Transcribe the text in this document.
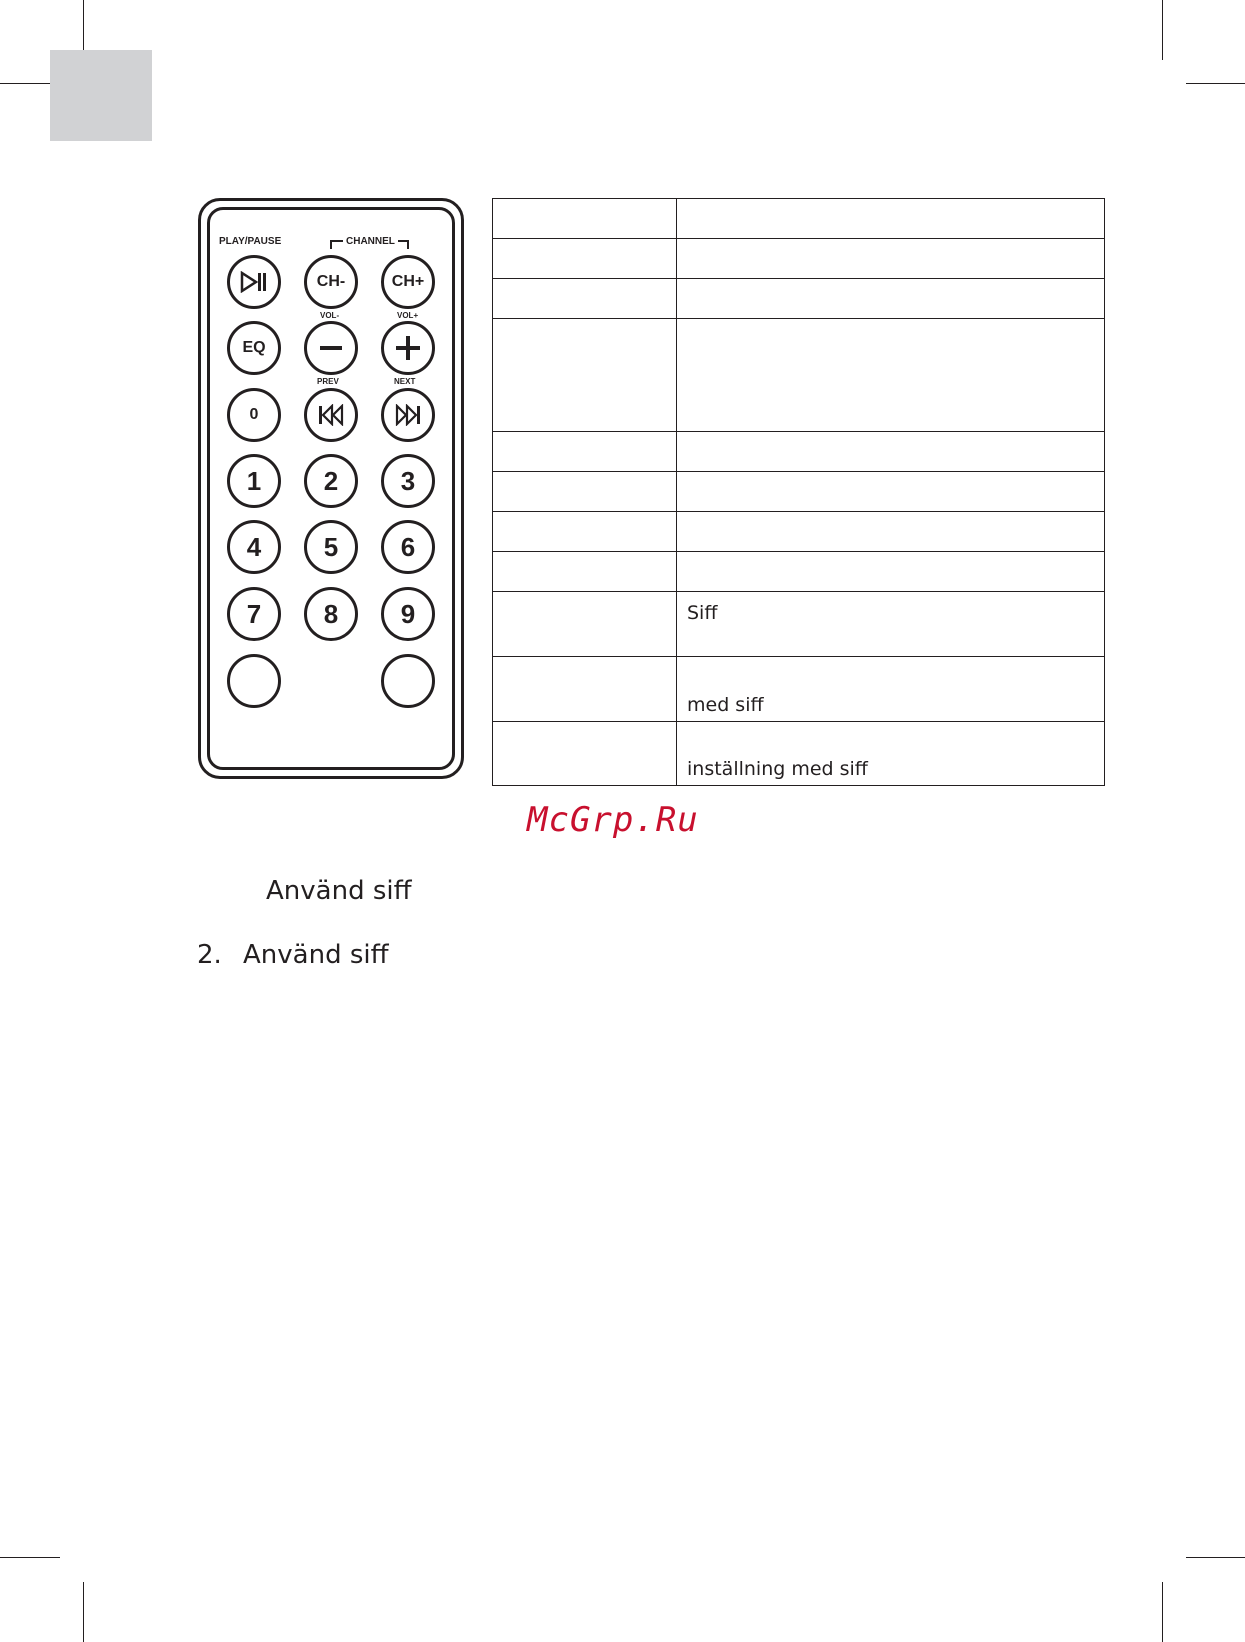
PLAY/PAUSE	CHANNEL
CH-	CH+
VOL-	VOL+
EQ
PREV	NEXT
0
1	2	3
4	5	6
7	8	9

		Siff
	med siff
	inställning med siff
McGrp.Ru
Använd siff
2. Använd siff
